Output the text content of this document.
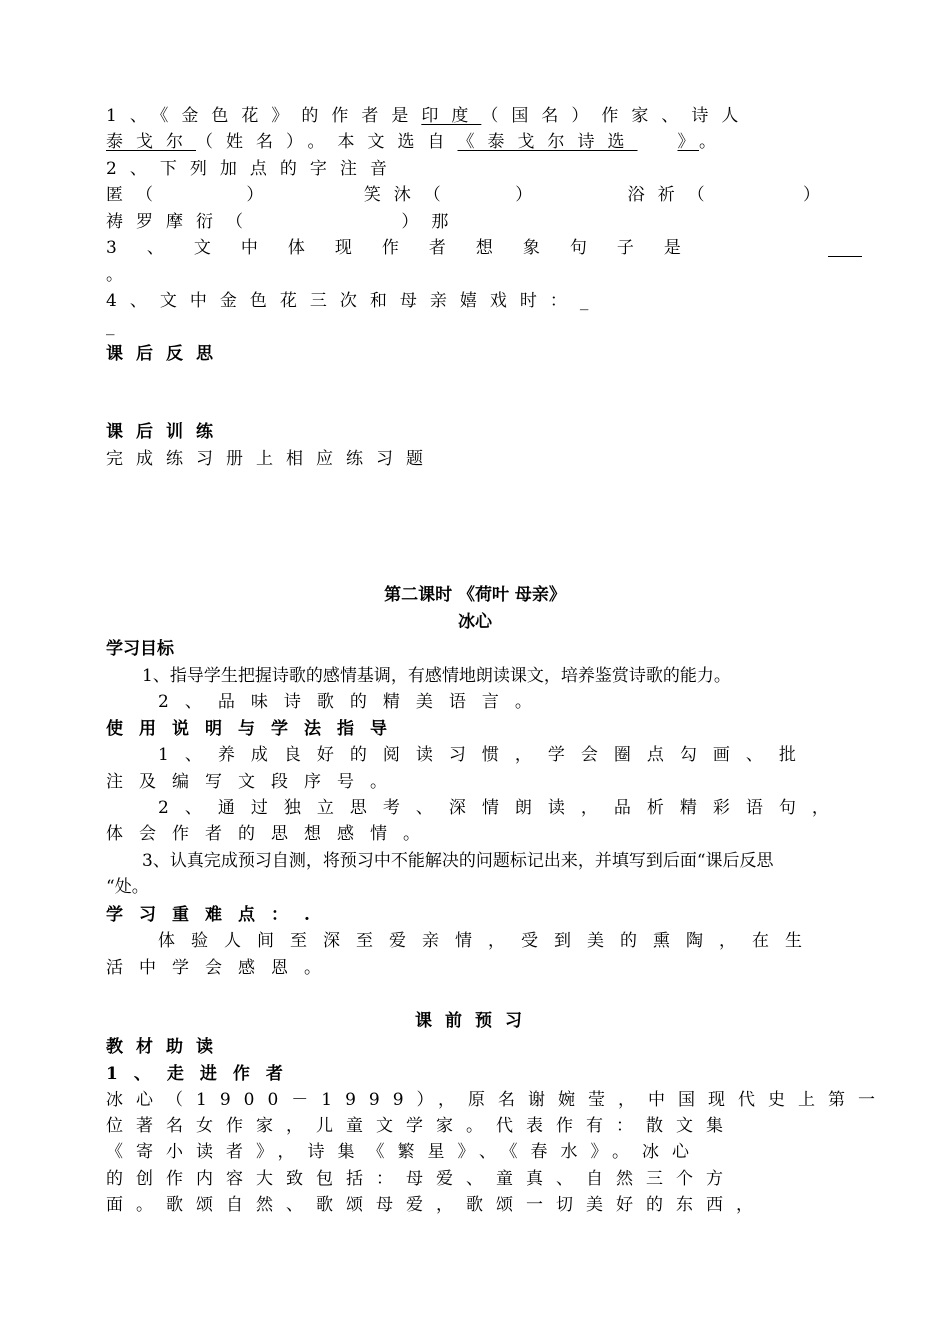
1、《金色花》的作者是印度（国名）作家、诗人
泰戈尔（姓名）。本文选自《泰戈尔诗选 》。
2、下列加点的字注音
匿（	）	笑沐（	）	浴祈（	）
祷罗摩衍（	）那
3、文中体现作者想象句子是
。
4、文中金色花三次和母亲嬉戏时：_
_
课后反思
课后训练
完成练习册上相应练习题
第二课时 《荷叶 母亲》
冰心
学习目标
1、指导学生把握诗歌的感情基调，有感情地朗读课文，培养鉴赏诗歌的能力。
2、品味诗歌的精美语言。
使用说明与学法指导
1、养成良好的阅读习惯，学会圈点勾画、批
注及编写文段序号。
2、通过独立思考、深情朗读，品析精彩语句，
体会作者的思想感情。
3、认真完成预习自测，将预习中不能解决的问题标记出来，并填写到后面“课后反思
“处。
学习重难点：.
体验人间至深至爱亲情，受到美的熏陶，在生
活中学会感恩。
课前预习
教材助读
1、走进作者
冰心（1900－1999），原名谢婉莹，中国现代史上第一
位著名女作家，儿童文学家。代表作有：散文集
《寄小读者》，诗集《繁星》、《春水》。冰心
的创作内容大致包括：母爱、童真、自然三个方
面。歌颂自然、歌颂母爱，歌颂一切美好的东西，
